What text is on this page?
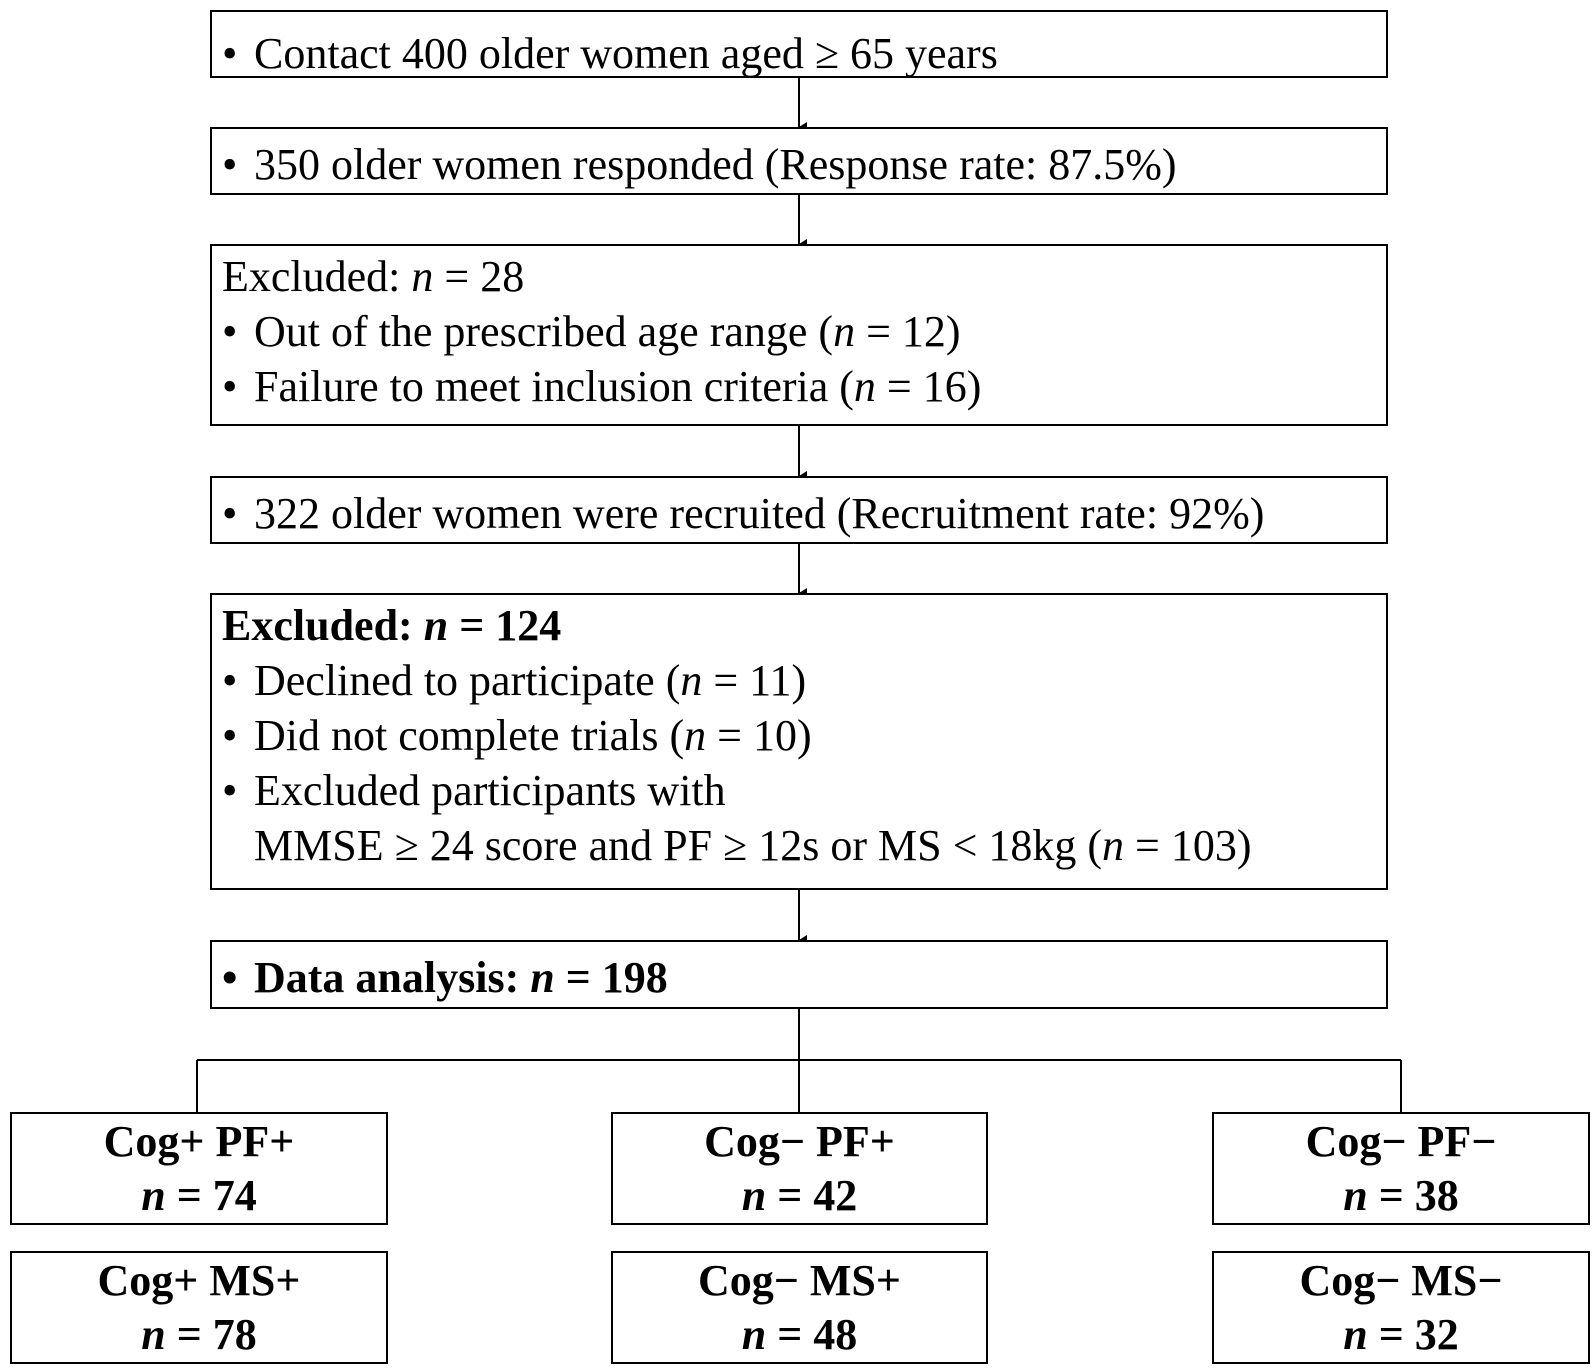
• Contact 400 older women aged ≥ 65 years
• 350 older women responded (Response rate: 87.5%)
Excluded: n = 28
• Out of the prescribed age range (n = 12)
• Failure to meet inclusion criteria (n = 16)
• 322 older women were recruited (Recruitment rate: 92%)
Excluded: n = 124
• Declined to participate (n = 11)
• Did not complete trials (n = 10)
• Excluded participants with
MMSE ≥ 24 score and PF ≥ 12s or MS < 18kg (n = 103)
• Data analysis: n = 198
Cog+ PF+
n = 74
Cog− PF+
n = 42
Cog− PF−
n = 38
Cog+ MS+
n = 78
Cog− MS+
n = 48
Cog− MS−
n = 32
